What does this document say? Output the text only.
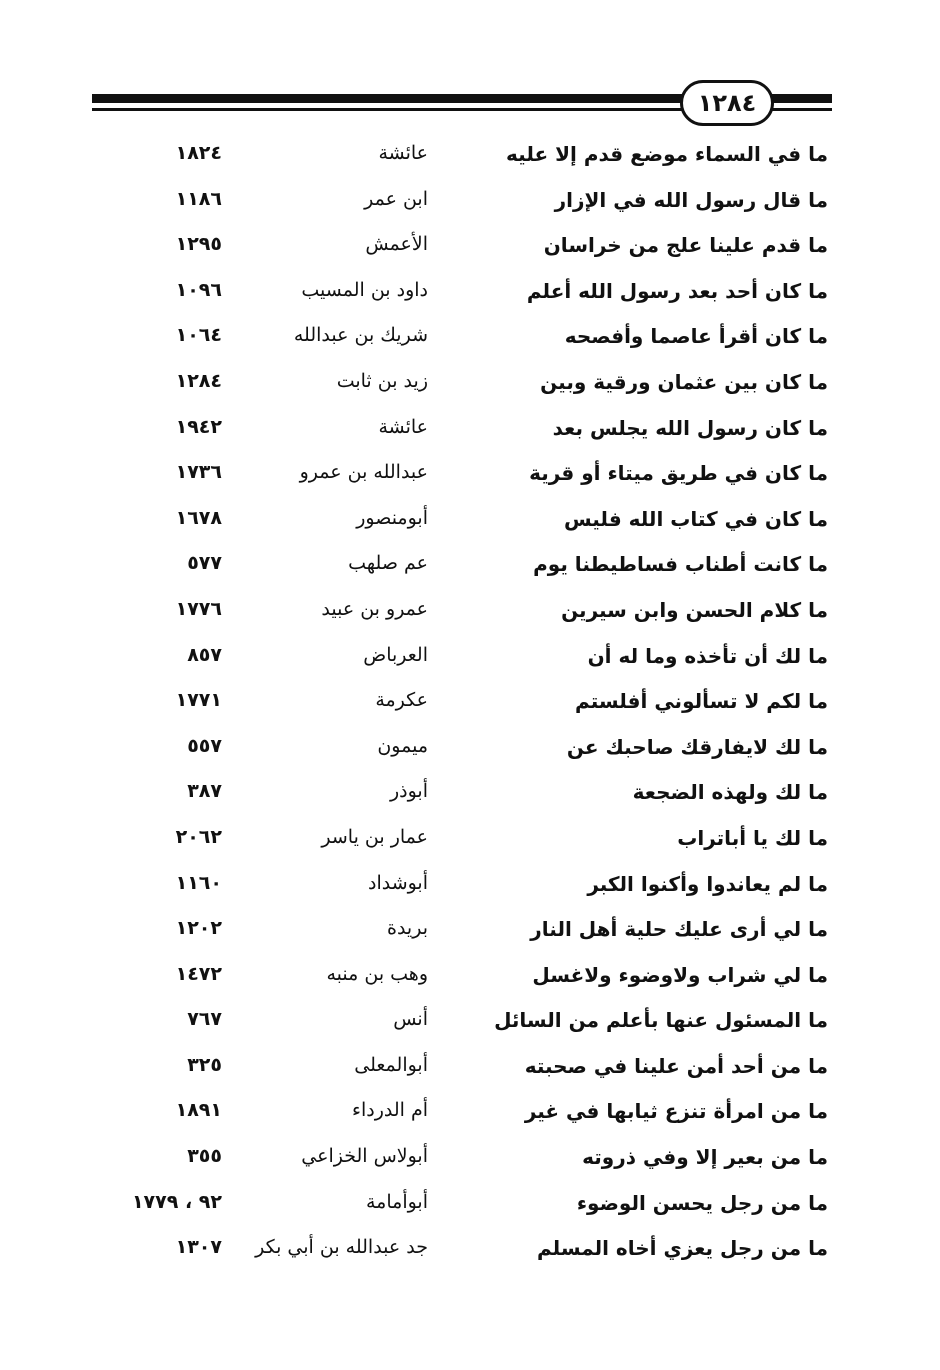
١٢٨٤
ما في السماء موضع قدم إلا عليه
عائشة
١٨٢٤
ما قال رسول الله في الإزار
ابن عمر
١١٨٦
ما قدم علينا علج من خراسان
الأعمش
١٢٩٥
ما كان أحد بعد رسول الله أعلم
داود بن المسيب
١٠٩٦
ما كان أقرأ عاصما وأفصحه
شريك بن عبدالله
١٠٦٤
ما كان بين عثمان ورقية وبين
زيد بن ثابت
١٢٨٤
ما كان رسول الله يجلس بعد
عائشة
١٩٤٢
ما كان في طريق ميتاء أو قرية
عبدالله بن عمرو
١٧٣٦
ما كان في كتاب الله فليس
أبومنصور
١٦٧٨
ما كانت أطناب فساطيطنا يوم
عم صلهب
٥٧٧
ما كلام الحسن وابن سيرين
عمرو بن عبيد
١٧٧٦
ما لك أن تأخذه وما له أن
العرباض
٨٥٧
ما لكم لا تسألوني أفلستم
عكرمة
١٧٧١
ما لك لايفارقك صاحبك عن
ميمون
٥٥٧
ما لك ولهذه الضجعة
أبوذر
٣٨٧
ما لك يا أباتراب
عمار بن ياسر
٢٠٦٢
ما لم يعاندوا وأكنوا الكبر
أبوشداد
١١٦٠
ما لي أرى عليك حلية أهل النار
بريدة
١٢٠٢
ما لي شراب ولاوضوء ولاغسل
وهب بن منبه
١٤٧٢
ما المسئول عنها بأعلم من السائل
أنس
٧٦٧
ما من أحد أمن علينا في صحبته
أبوالمعلى
٣٢٥
ما من امرأة تنزع ثيابها في غير
أم الدرداء
١٨٩١
ما من بعير إلا وفي ذروته
أبولاس الخزاعي
٣٥٥
ما من رجل يحسن الوضوء
أبوأمامة
٩٢ ، ١٧٧٩
ما من رجل يعزي أخاه المسلم
جد عبدالله بن أبي بكر
١٣٠٧
